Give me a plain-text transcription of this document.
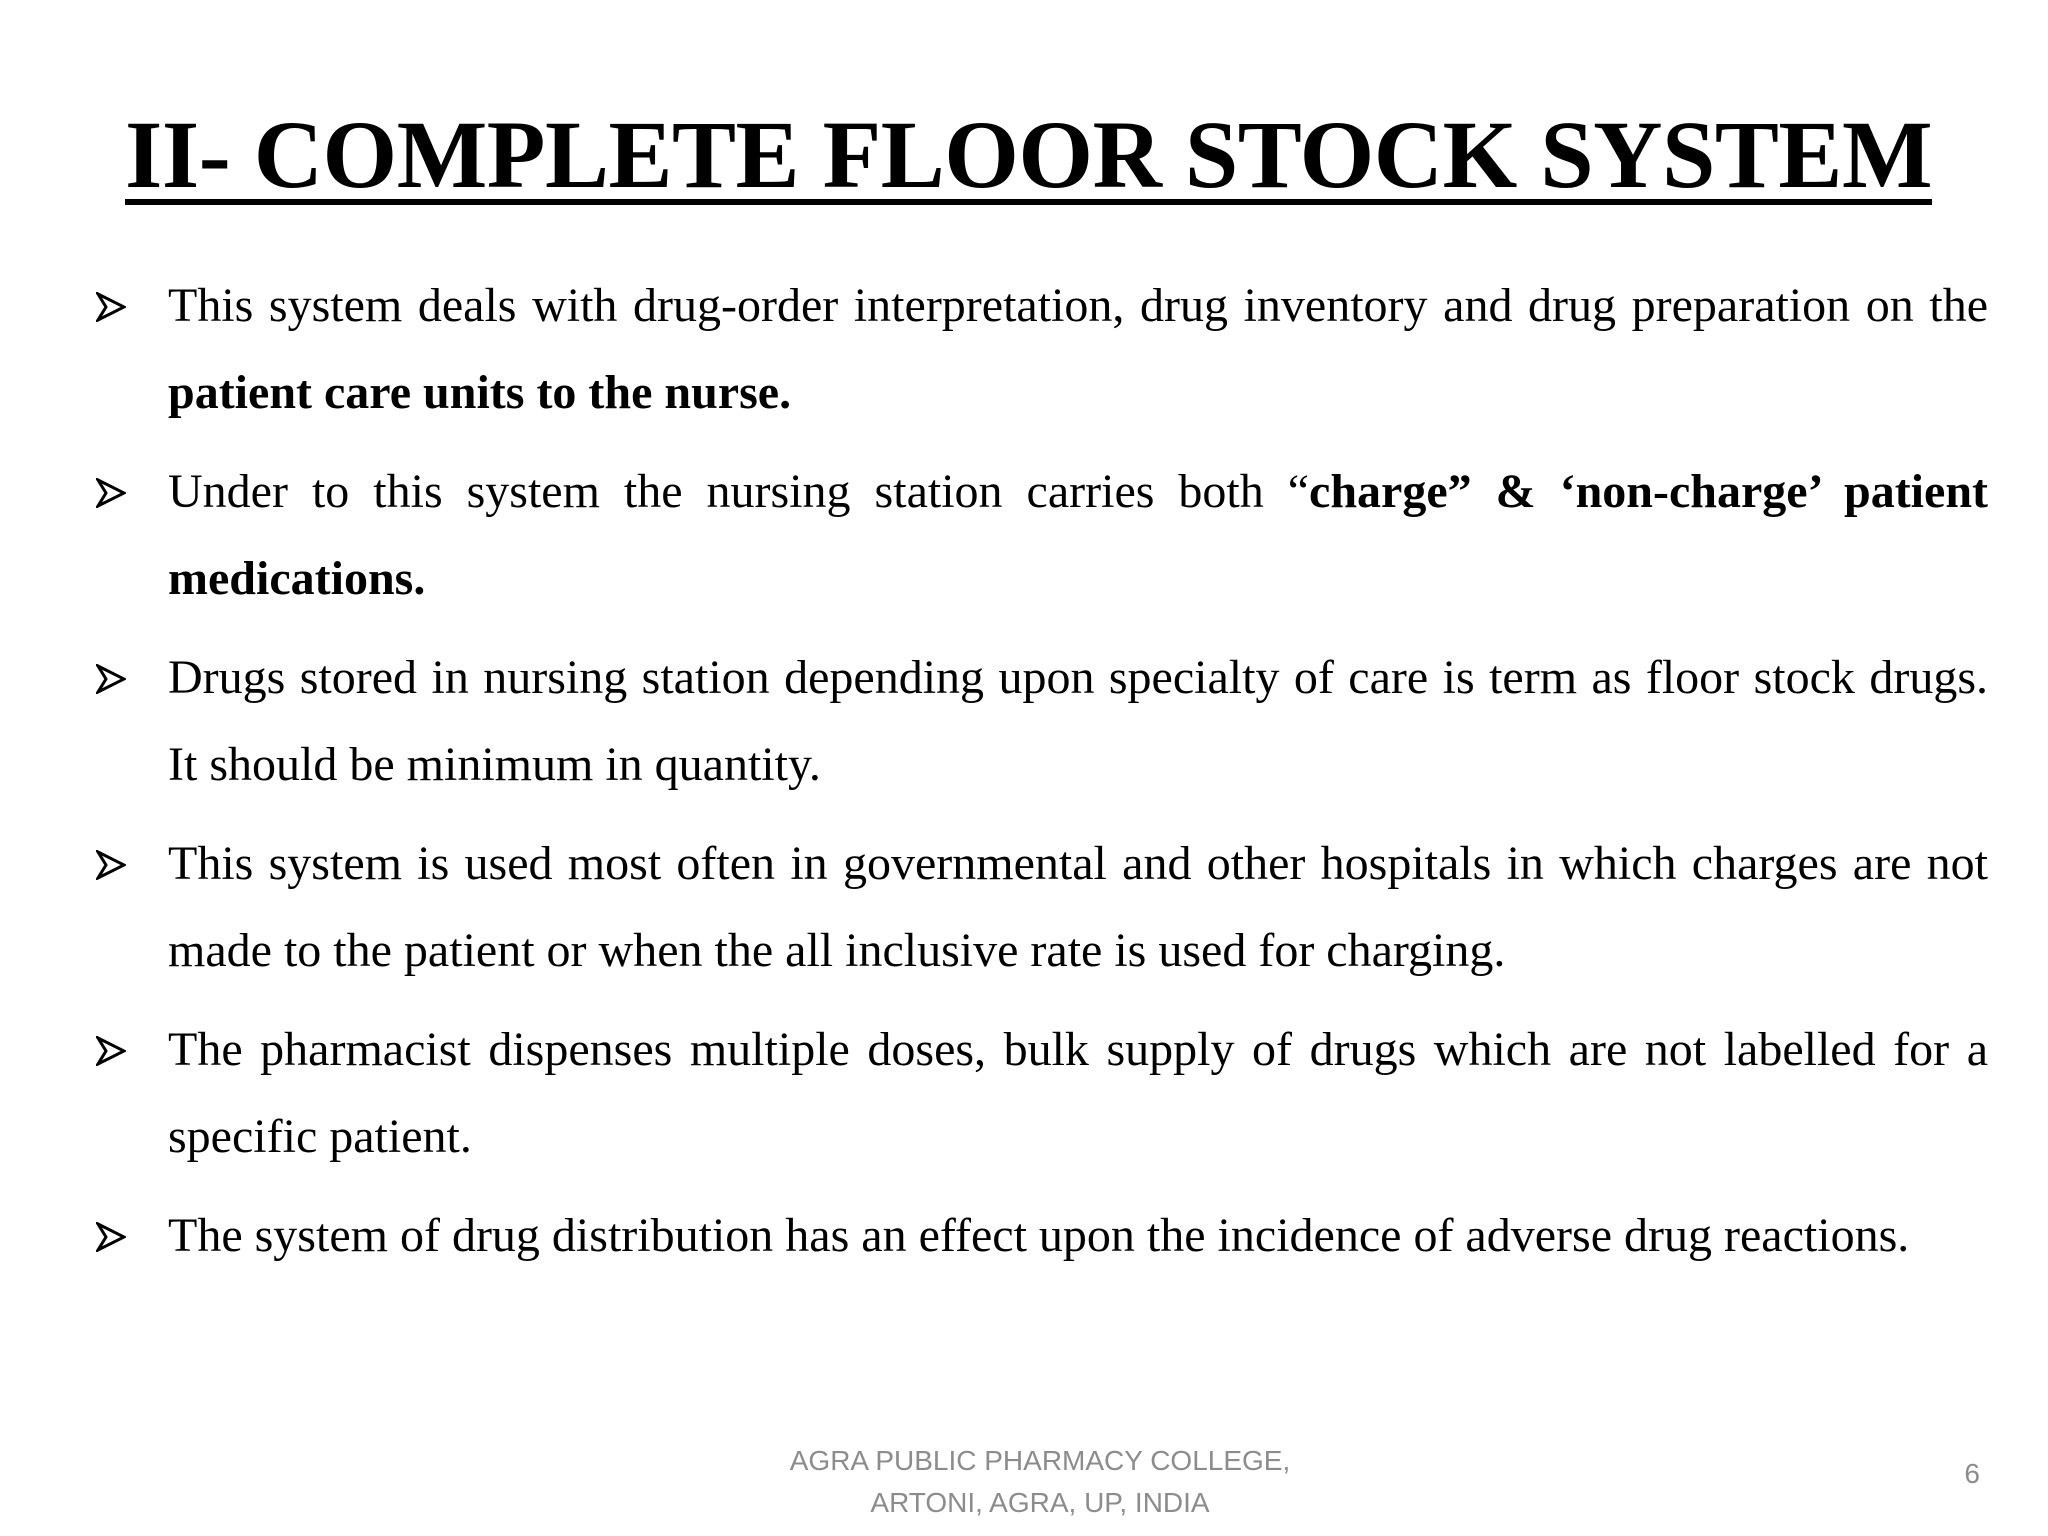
II- COMPLETE FLOOR STOCK SYSTEM
This system deals with drug-order interpretation, drug inventory and drug preparation on the patient care units to the nurse.
Under to this system the nursing station carries both “charge” & ‘non-charge’ patient medications.
Drugs stored in nursing station depending upon specialty of care is term as floor stock drugs. It should be minimum in quantity.
This system is used most often in governmental and other hospitals in which charges are not made to the patient or when the all inclusive rate is used for charging.
The pharmacist dispenses multiple doses, bulk supply of drugs which are not labelled for a specific patient.
The system of drug distribution has an effect upon the incidence of adverse drug reactions.
AGRA PUBLIC PHARMACY COLLEGE,
ARTONI, AGRA, UP, INDIA
6
